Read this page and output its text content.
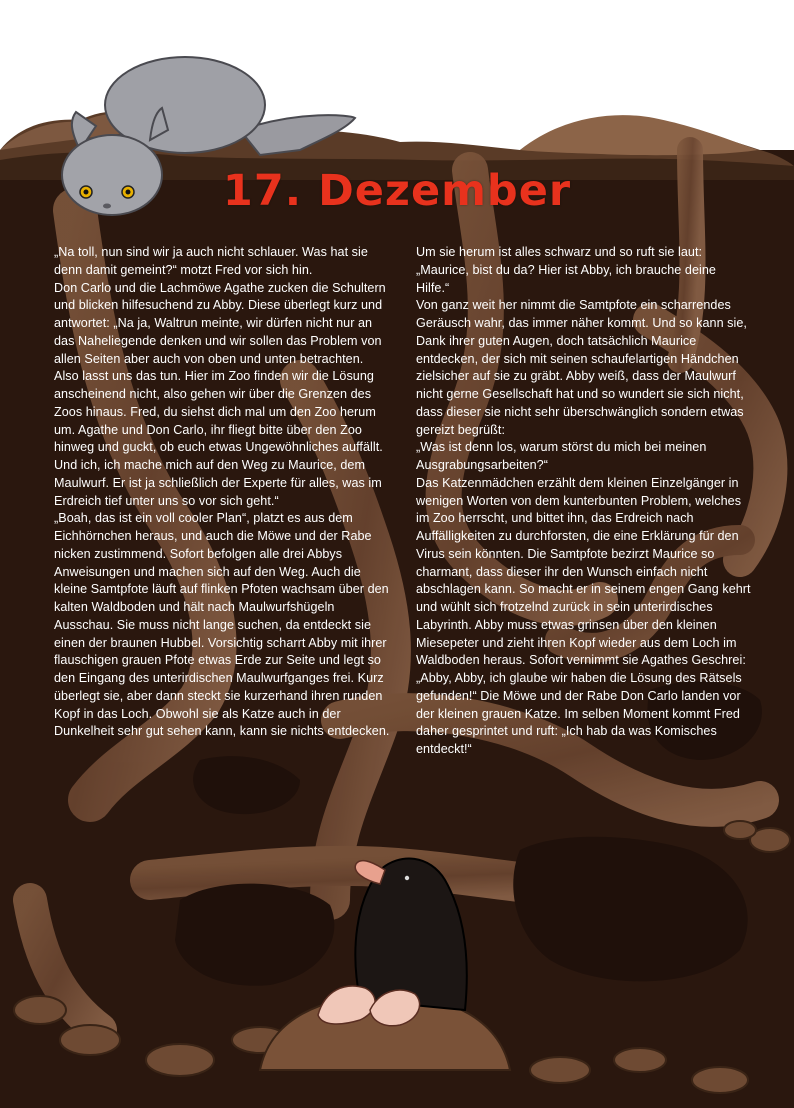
17. Dezember

„Na toll, nun sind wir ja auch nicht schlauer. Was hat sie denn damit gemeint?“ motzt Fred vor sich hin.

Don Carlo und die Lachmöwe Agathe zucken die Schultern und blicken hilfesuchend zu Abby. Diese überlegt kurz und antwortet: „Na ja, Waltrun meinte, wir dürfen nicht nur an das Naheliegende denken und wir sollen das Problem von allen Seiten aber auch von oben und unten betrachten. Also lasst uns das tun. Hier im Zoo finden wir die Lösung anscheinend nicht, also gehen wir über die Grenzen des Zoos hinaus. Fred, du siehst dich mal um den Zoo herum um. Agathe und Don Carlo, ihr fliegt bitte über den Zoo hinweg und guckt, ob euch etwas Ungewöhnliches auffällt. Und ich, ich mache mich auf den Weg zu Maurice, dem Maulwurf. Er ist ja schließlich der Experte für alles, was im Erdreich tief unter uns so vor sich geht.“

„Boah, das ist ein voll cooler Plan“, platzt es aus dem Eichhörnchen heraus, und auch die Möwe und der Rabe nicken zustimmend. Sofort befolgen alle drei Abbys Anweisungen und machen sich auf den Weg. Auch die kleine Samtpfote läuft auf flinken Pfoten wachsam über den kalten Waldboden und hält nach Maulwurfshügeln Ausschau. Sie muss nicht lange suchen, da entdeckt sie einen der braunen Hubbel. Vorsichtig scharrt Abby mit ihrer flauschigen grauen Pfote etwas Erde zur Seite und legt so den Eingang des unterirdischen Maulwurfganges frei. Kurz überlegt sie, aber dann steckt sie kurzerhand ihren runden Kopf in das Loch. Obwohl sie als Katze auch in der Dunkelheit sehr gut sehen kann, kann sie nichts entdecken.

Um sie herum ist alles schwarz und so ruft sie laut: „Maurice, bist du da? Hier ist Abby, ich brauche deine Hilfe.“

Von ganz weit her nimmt die Samtpfote ein scharrendes Geräusch wahr, das immer näher kommt. Und so kann sie, Dank ihrer guten Augen, doch tatsächlich Maurice entdecken, der sich mit seinen schaufelartigen Händchen zielsicher auf sie zu gräbt. Abby weiß, dass der Maulwurf nicht gerne Gesellschaft hat und so wundert sie sich nicht, dass dieser sie nicht sehr überschwänglich sondern etwas gereizt begrüßt:

„Was ist denn los, warum störst du mich bei meinen Ausgrabungsarbeiten?“

Das Katzenmädchen erzählt dem kleinen Einzelgänger in wenigen Worten von dem kunterbunten Problem, welches im Zoo herrscht, und bittet ihn, das Erdreich nach Auffälligkeiten zu durchforsten, die eine Erklärung für den Virus sein könnten. Die Samtpfote bezirzt Maurice so charmant, dass dieser ihr den Wunsch einfach nicht abschlagen kann. So macht er in seinem engen Gang kehrt und wühlt sich frotzelnd zurück in sein unterirdisches Labyrinth. Abby muss etwas grinsen über den kleinen Miesepeter und zieht ihren Kopf wieder aus dem Loch im Waldboden heraus. Sofort vernimmt sie Agathes Geschrei:

„Abby, Abby, ich glaube wir haben die Lösung des Rätsels gefunden!“ Die Möwe und der Rabe Don Carlo landen vor der kleinen grauen Katze. Im selben Moment kommt Fred daher gesprintet und ruft: „Ich hab da was Komisches entdeckt!“
